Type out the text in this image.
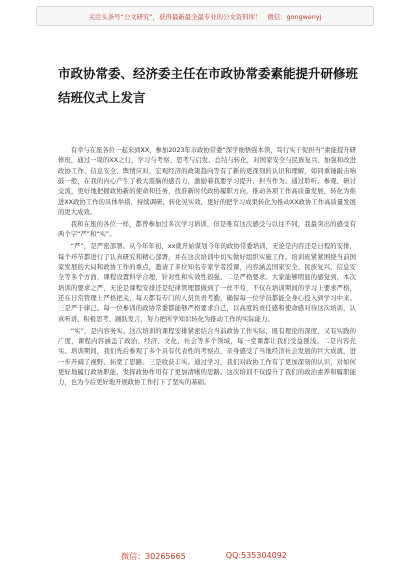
关注头条号“公文研究”，获得最新最全最专业的公文资料库！ 微信：gongwenyj
市政协常委、经济委主任在市政协常委素能提升研修班结班仪式上发言

有幸与在座各位一起来到XX，参加2023年市政协常委“深学细悟强本领，笃行实干促担当”素能提升研修班，通过一周的XX之行，学习与考察、思考与启发、总结与转化，对国家安全与民族复兴、加强和改进政协工作、信息安全、舆情应对、宏观经济的政策趋向等有了新的更深刻的认识和理解，如同重锤敲击响鼓一般，在我的内心产生了极大震脑的感召力，激励着我要学习提升、担当作为。通过聆听、参观、研讨交流，更好地把握政协新的使命和任务，找准新时代政协履职方向，推动各项工作高质量发展，转化为推进XX政协工作的具体举措、持续调研、转化见实效，更好的把学习成果转化为推动XX政协工作高质量发展的更大成效。

我和在座的各位一样，都曾参加过多次学习培训，但是唯有这次感受与以往不同，我最突出的感受有两个字“严”和“实”。

“严”，是严密部署。从今年年初，xx就开始谋划今年的政协常委培训，无论是内容还是日程的安排，每个环节都进行了认真研究和精心部署，并在这次培训中切实做好组织实施工作。培训班紧紧围绕当前国家发展的大局和政协工作的重点，邀请了多位知名专家学者授课，内容涵盖国家安全、民族复兴、信息安全等多个方面，课程设置科学合理，针对性和实效性很强。二是严格要求。大家能够明显的感觉到，本次培训的要求之严，无论是课程安排还是纪律管理都做到了一丝不苟，不仅在培训期间的学习上要求严格，还在日常管理上严格把关，每天都有专门的人员负责考勤，确保每一位学员都能全身心投入到学习中来。三是严于律己。每一位参训的政协常委都能够严格要求自己，以高度的责任感和使命感对待这次培训，认真听讲、积极思考、踊跃发言，努力把所学知识转化为推动工作的实际能力。

“实”，是内容务实。这次培训的课程安排紧密结合当前政协工作实际，既有理论的深度，又有实践的广度，课程内容涵盖了政治、经济、文化、社会等多个领域，每一堂课都让我们受益匪浅。二是内容充实。培训期间，我们先后参观了多个具有代表性的考察点，亲身感受了当地经济社会发展的巨大成就，进一步开阔了视野、拓宽了思路。三是收获丰实。通过学习，我们对政协工作有了更加深刻的认识，对如何更好地履行政协职能、发挥政协作用有了更加清晰的思路。这次培训不仅提升了我们的政治素养和履职能力，也为今后更好地开展政协工作打下了坚实的基础。

微信：30265665	QQ:535304092
